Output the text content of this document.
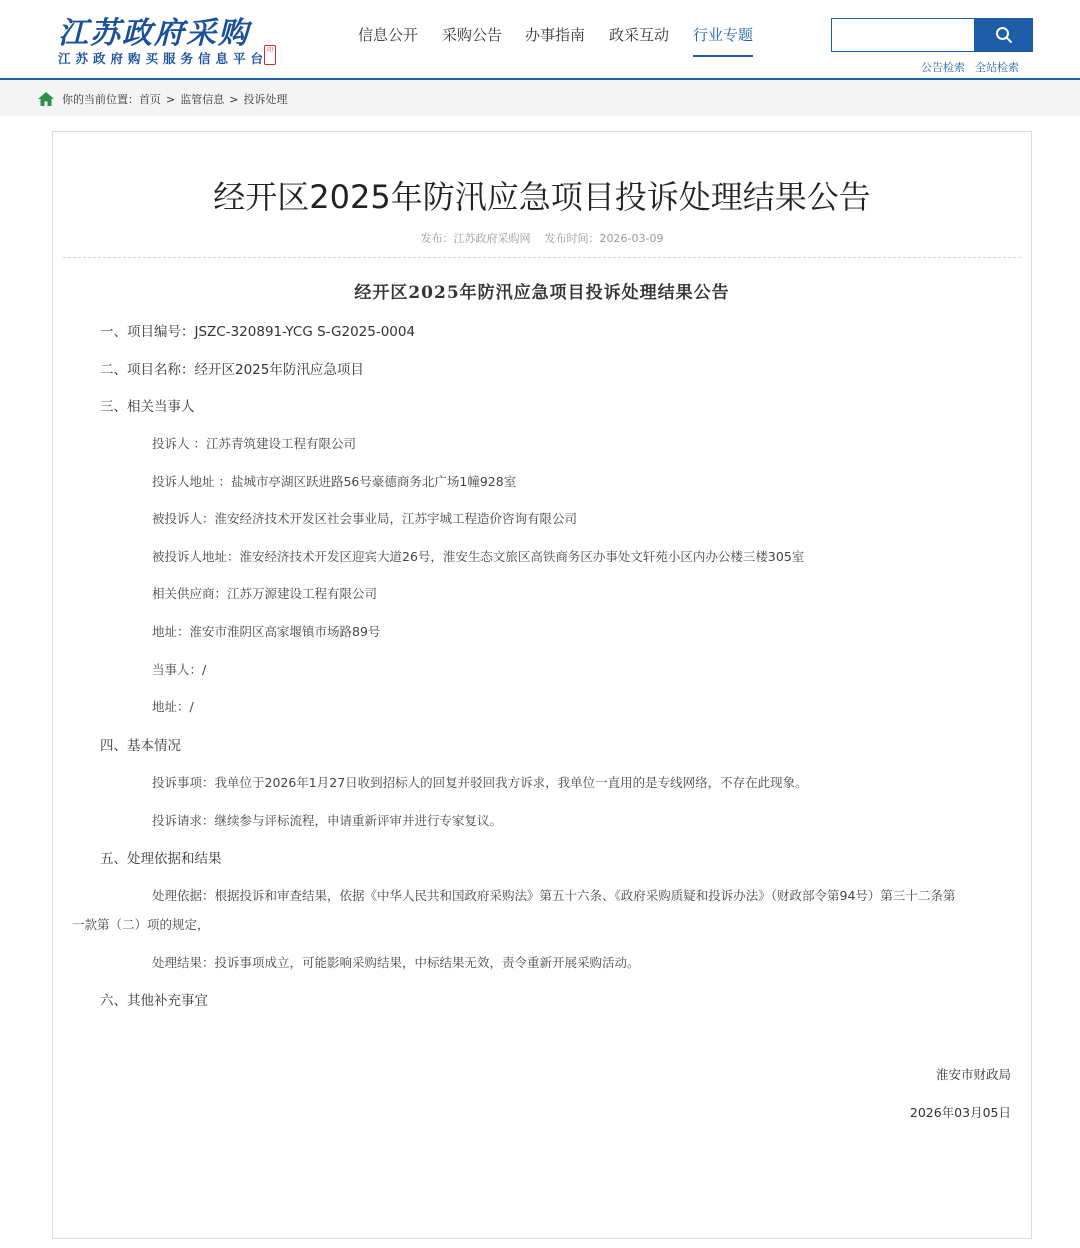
江苏政府采购
江苏政府购买服务信息平台
印
信息公开 采购公告 办事指南 政采互动 行业专题
公告检索 全站检索
你的当前位置： 首页 > 监管信息 > 投诉处理
经开区2025年防汛应急项目投诉处理结果公告
发布：江苏政府采购网 发布时间：2026-03-09
经开区2025年防汛应急项目投诉处理结果公告
一、项目编号：JSZC-320891-YCG S-G2025-0004
二、项目名称：经开区2025年防汛应急项目
三、相关当事人
投诉人 ：江苏青筑建设工程有限公司
投诉人地址 ：盐城市亭湖区跃进路56号豪德商务北广场1幢928室
被投诉人：淮安经济技术开发区社会事业局，江苏宇城工程造价咨询有限公司
被投诉人地址：淮安经济技术开发区迎宾大道26号，淮安生态文旅区高铁商务区办事处文轩苑小区内办公楼三楼305室
相关供应商：江苏万源建设工程有限公司
地址：淮安市淮阴区高家堰镇市场路89号
当事人：/
地址：/
四、基本情况
投诉事项：我单位于2026年1月27日收到招标人的回复并驳回我方诉求，我单位一直用的是专线网络，不存在此现象。
投诉请求：继续参与评标流程，申请重新评审并进行专家复议。
五、处理依据和结果
处理依据：根据投诉和审查结果，依据《中华人民共和国政府采购法》第五十六条、《政府采购质疑和投诉办法》（财政部令第94号）第三十二条第
一款第（二）项的规定，
处理结果：投诉事项成立，可能影响采购结果，中标结果无效，责令重新开展采购活动。
六、其他补充事宜
淮安市财政局
2026年03月05日
